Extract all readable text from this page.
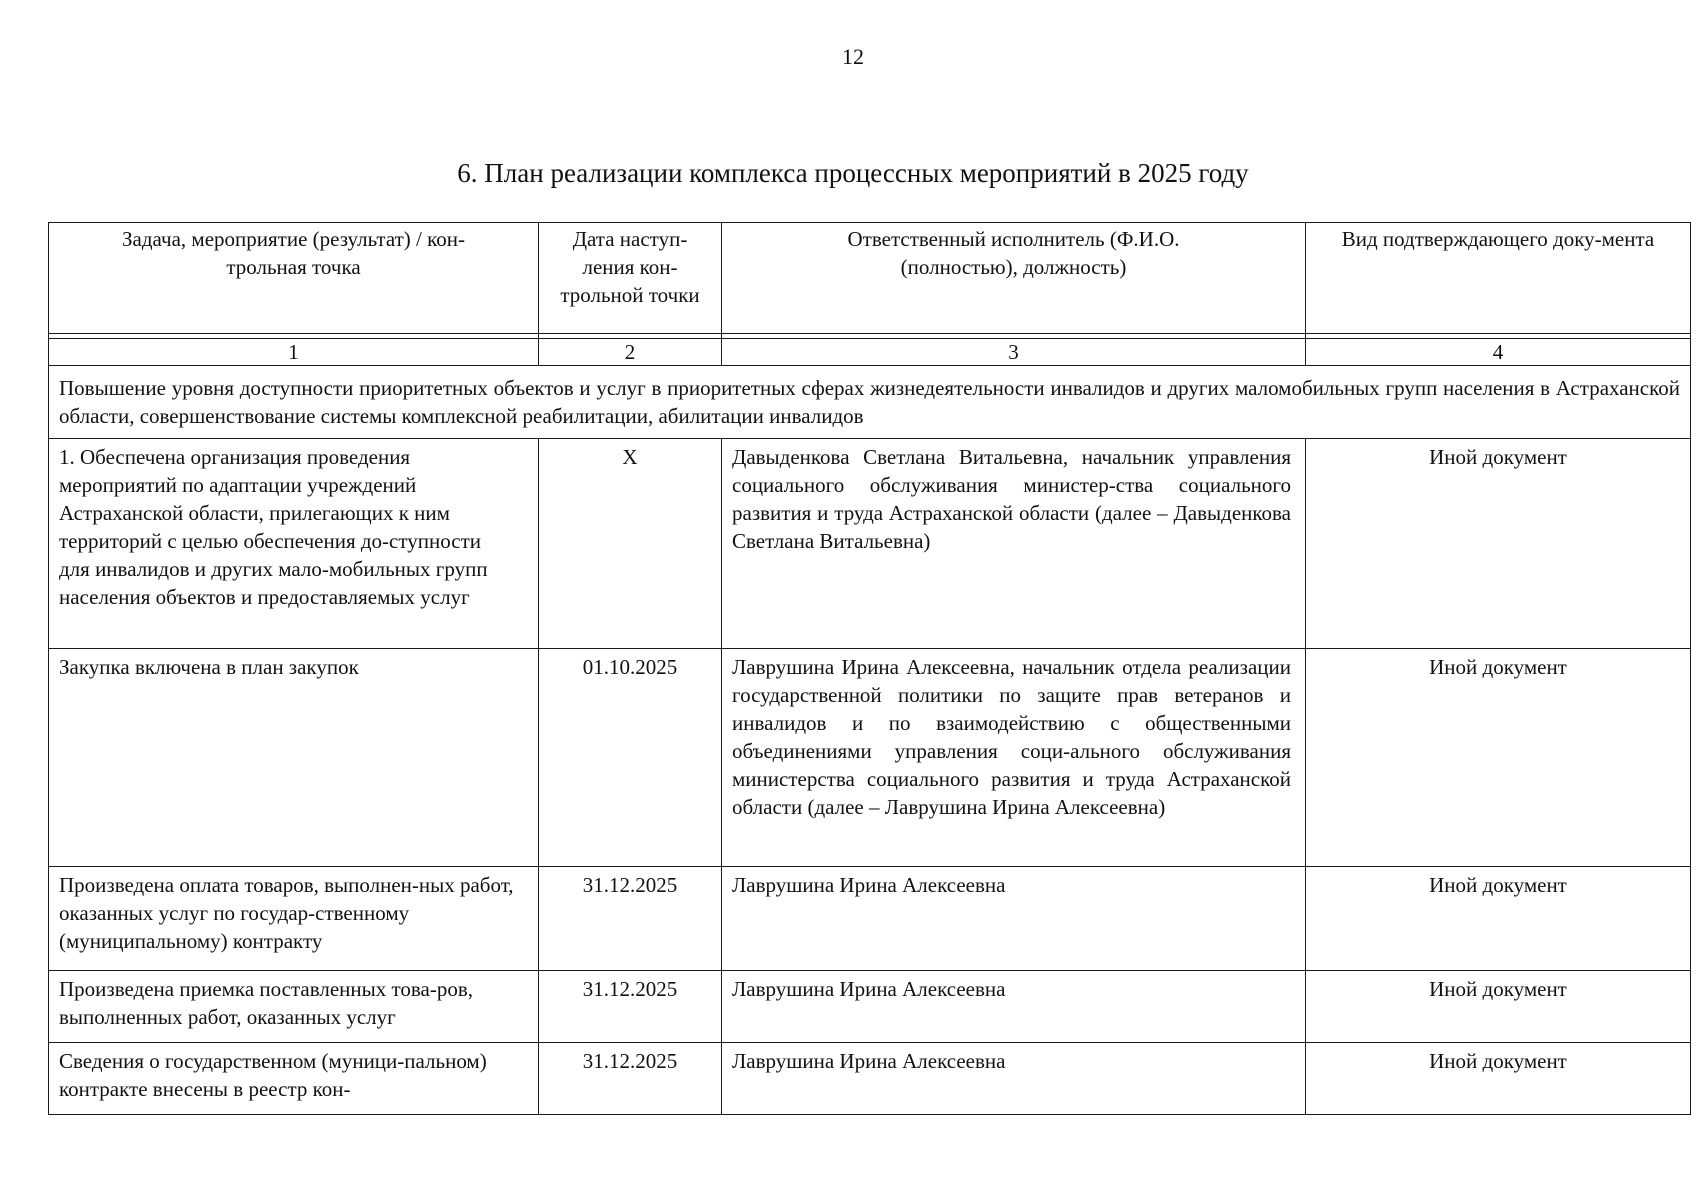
12
6. План реализации комплекса процессных мероприятий в 2025 году
Задача, мероприятие (результат) / кон-трольная точка	Дата наступ-ления кон-трольной точки	Ответственный исполнитель (Ф.И.О. (полностью), должность)	Вид подтверждающего доку-мента

1	2	3	4
Повышение уровня доступности приоритетных объектов и услуг в приоритетных сферах жизнедеятельности инвалидов и других маломобильных групп населения в Астраханской области, совершенствование системы комплексной реабилитации, абилитации инвалидов			
1. Обеспечена организация проведения мероприятий по адаптации учреждений Астраханской области, прилегающих к ним территорий с целью обеспечения до-ступности для инвалидов и других мало-мобильных групп населения объектов и предоставляемых услуг	X	Давыденкова Светлана Витальевна, начальник управления социального обслуживания министер-ства социального развития и труда Астраханской области (далее – Давыденкова Светлана Витальевна)	Иной документ
Закупка включена в план закупок	01.10.2025	Лаврушина Ирина Алексеевна, начальник отдела реализации государственной политики по защите прав ветеранов и инвалидов и по взаимодействию с общественными объединениями управления соци-ального обслуживания министерства социального развития и труда Астраханской области (далее – Лаврушина Ирина Алексеевна)	Иной документ
Произведена оплата товаров, выполнен-ных работ, оказанных услуг по государ-ственному (муниципальному) контракту	31.12.2025	Лаврушина Ирина Алексеевна	Иной документ
Произведена приемка поставленных това-ров, выполненных работ, оказанных услуг	31.12.2025	Лаврушина Ирина Алексеевна	Иной документ
Сведения о государственном (муници-пальном) контракте внесены в реестр кон-	31.12.2025	Лаврушина Ирина Алексеевна	Иной документ
